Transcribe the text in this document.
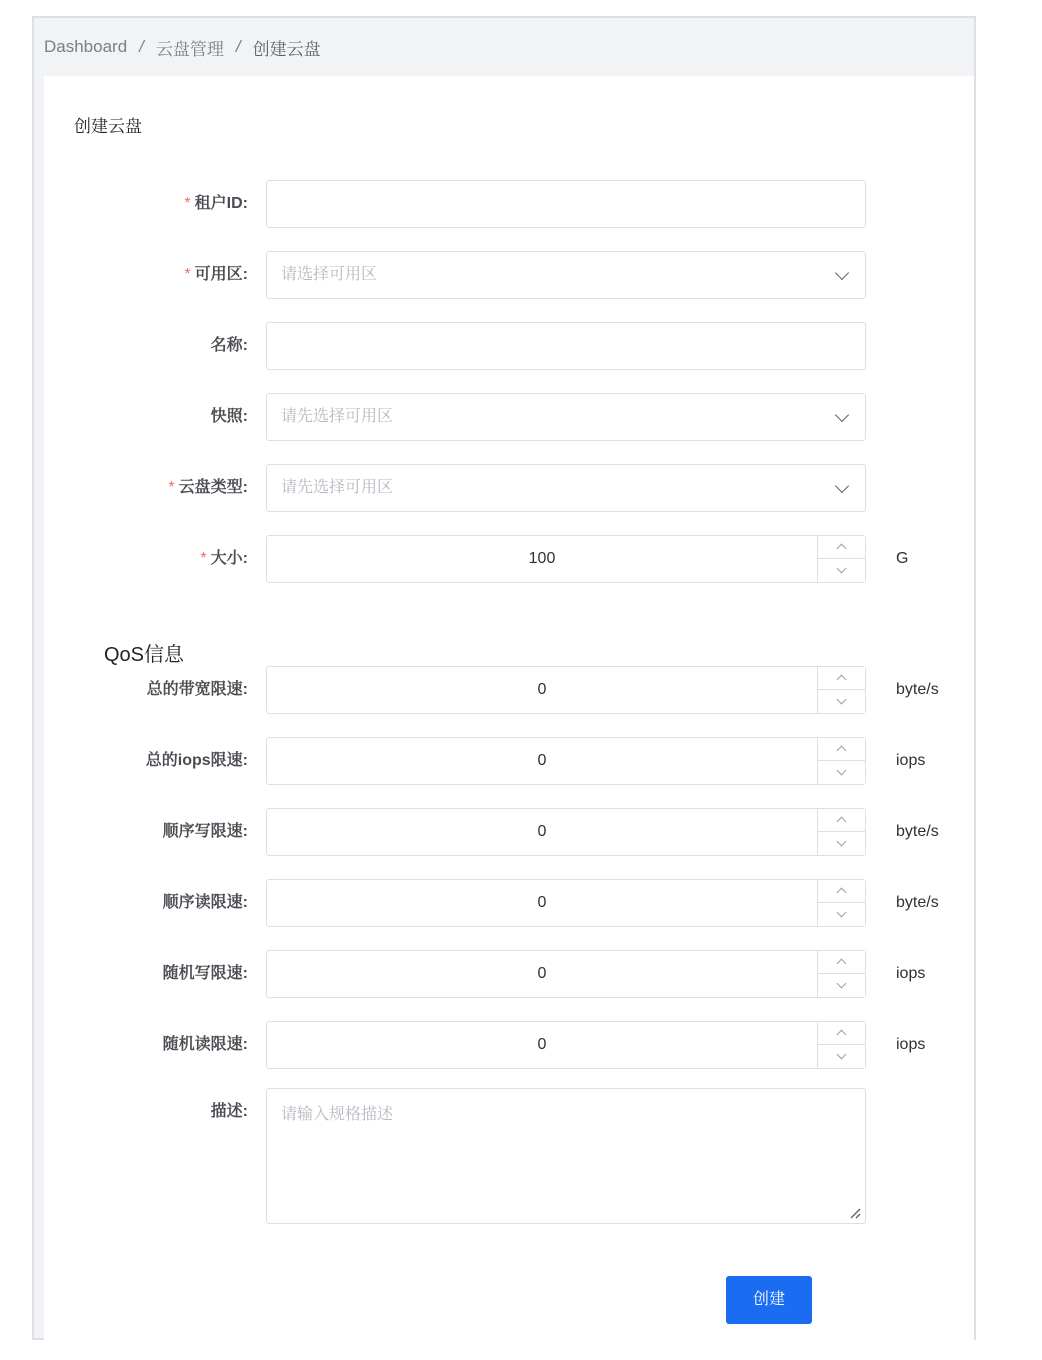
Dashboard / 云盘管理 / 创建云盘
创建云盘
* 租户ID:
* 可用区: 请选择可用区
名称:
快照: 请先选择可用区
* 云盘类型: 请先选择可用区
* 大小:	100	G
QoS信息
总的带宽限速:	0	byte/s
总的iops限速:	0	iops
顺序写限速:	0	byte/s
顺序读限速:	0	byte/s
随机写限速:	0	iops
随机读限速:	0	iops
描述: 请输入规格描述
创建
